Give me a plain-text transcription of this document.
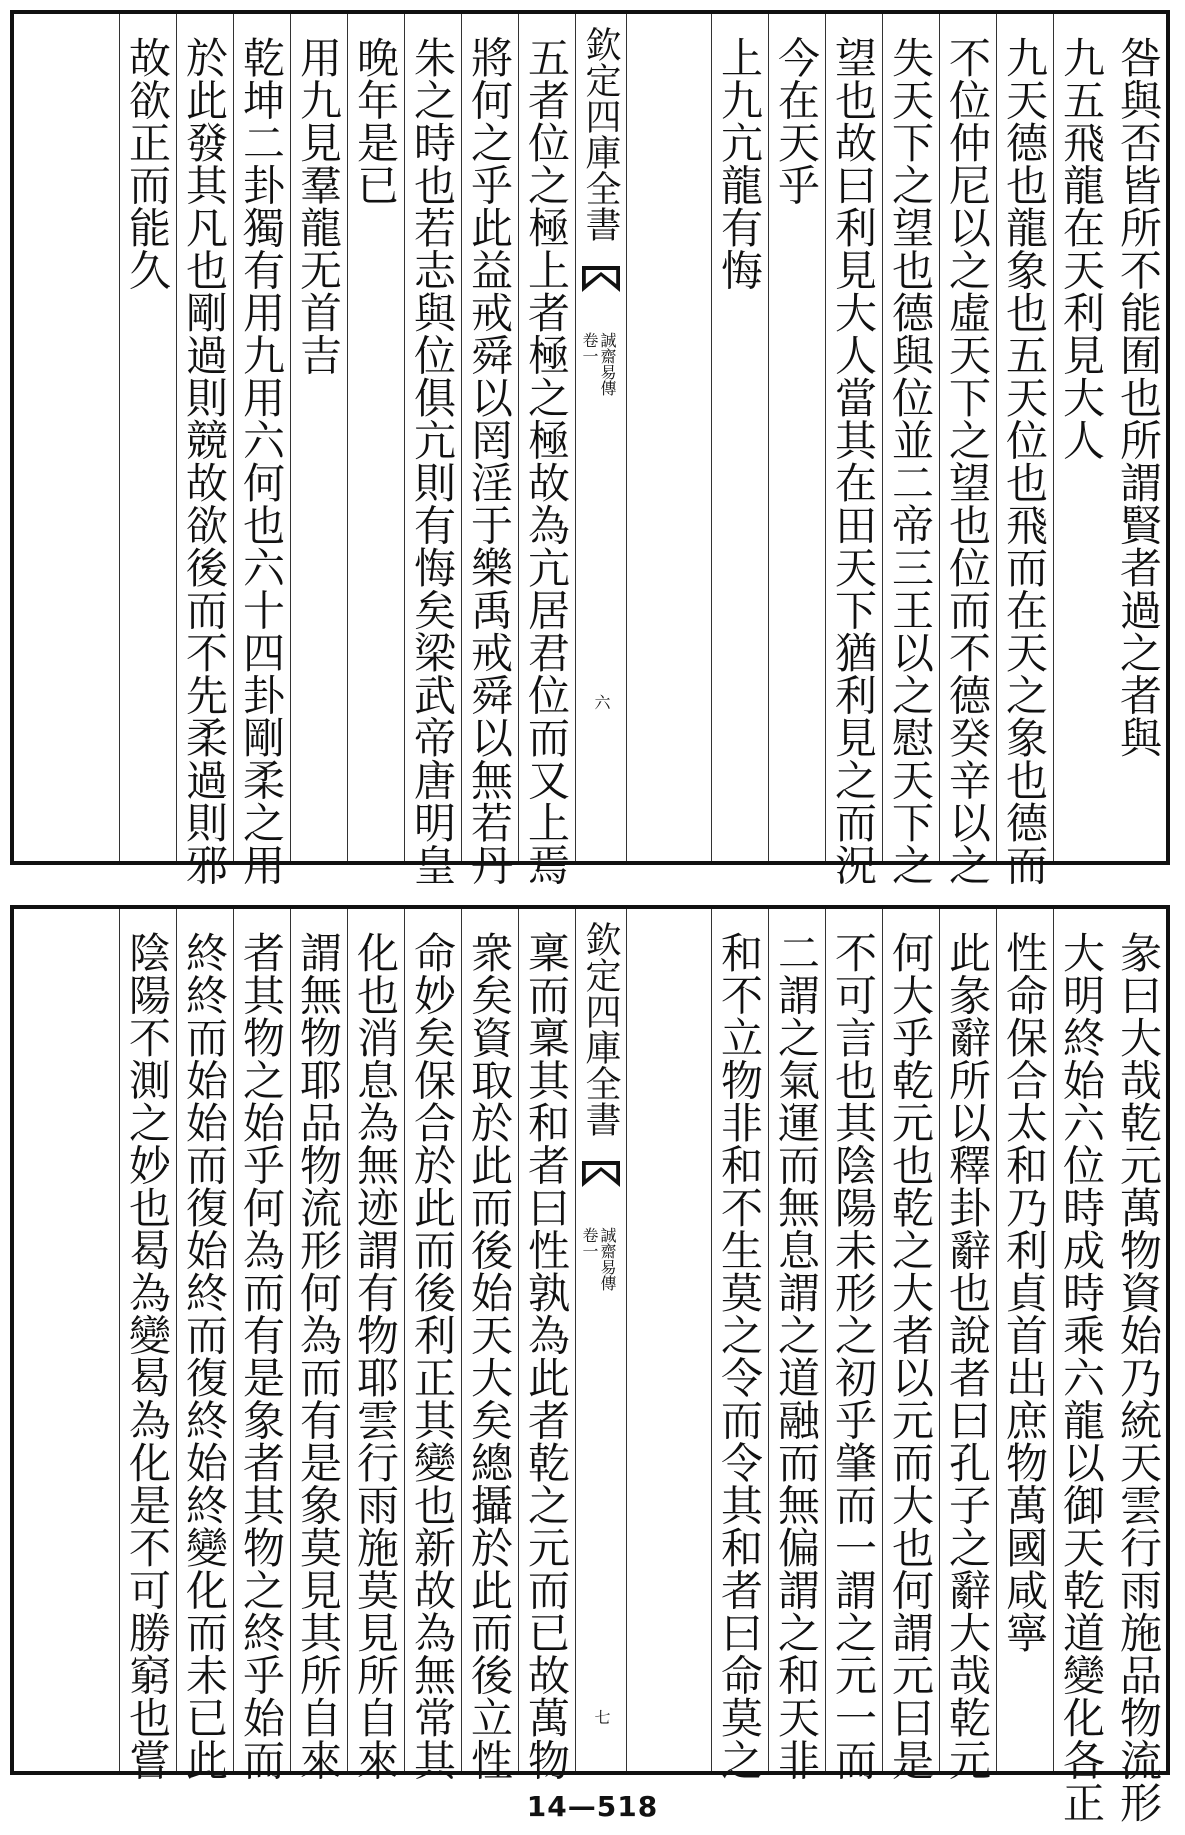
咎與否皆所不能囿也所謂賢者過之者與
九五飛龍在天利見大人
九天德也龍象也五天位也飛而在天之象也德而
不位仲尼以之虛天下之望也位而不德癸辛以之
失天下之望也德與位並二帝三王以之慰天下之
望也故曰利見大人當其在田天下猶利見之而況
今在天乎
上九亢龍有悔
欽定四庫全書
卷一 誠齋易傳
六
五者位之極上者極之極故為亢居君位而又上焉
將何之乎此益戒舜以罔淫于樂禹戒舜以無若丹
朱之時也若志與位俱亢則有悔矣梁武帝唐明皇
晚年是已
用九見羣龍无首吉
乾坤二卦獨有用九用六何也六十四卦剛柔之用
於此發其凡也剛過則競故欲後而不先柔過則邪
故欲正而能久
彖曰大哉乾元萬物資始乃統天雲行雨施品物流形
大明終始六位時成時乘六龍以御天乾道變化各正
性命保合太和乃利貞首出庶物萬國咸寧
此彖辭所以釋卦辭也說者曰孔子之辭大哉乾元
何大乎乾元也乾之大者以元而大也何謂元曰是
不可言也其陰陽未形之初乎肇而一謂之元一而
二謂之氣運而無息謂之道融而無偏謂之和天非
和不立物非和不生莫之令而令其和者曰命莫之
欽定四庫全書
卷一 誠齋易傳
七
稟而稟其和者曰性孰為此者乾之元而已故萬物
衆矣資取於此而後始天大矣總攝於此而後立性
命妙矣保合於此而後利正其變也新故為無常其
化也消息為無迹謂有物耶雲行雨施莫見所自來
謂無物耶品物流形何為而有是象莫見其所自來
者其物之始乎何為而有是象者其物之終乎始而
終終而始始而復始終而復終始終變化而未已此
陰陽不測之妙也曷為變曷為化是不可勝窮也嘗
14—518
